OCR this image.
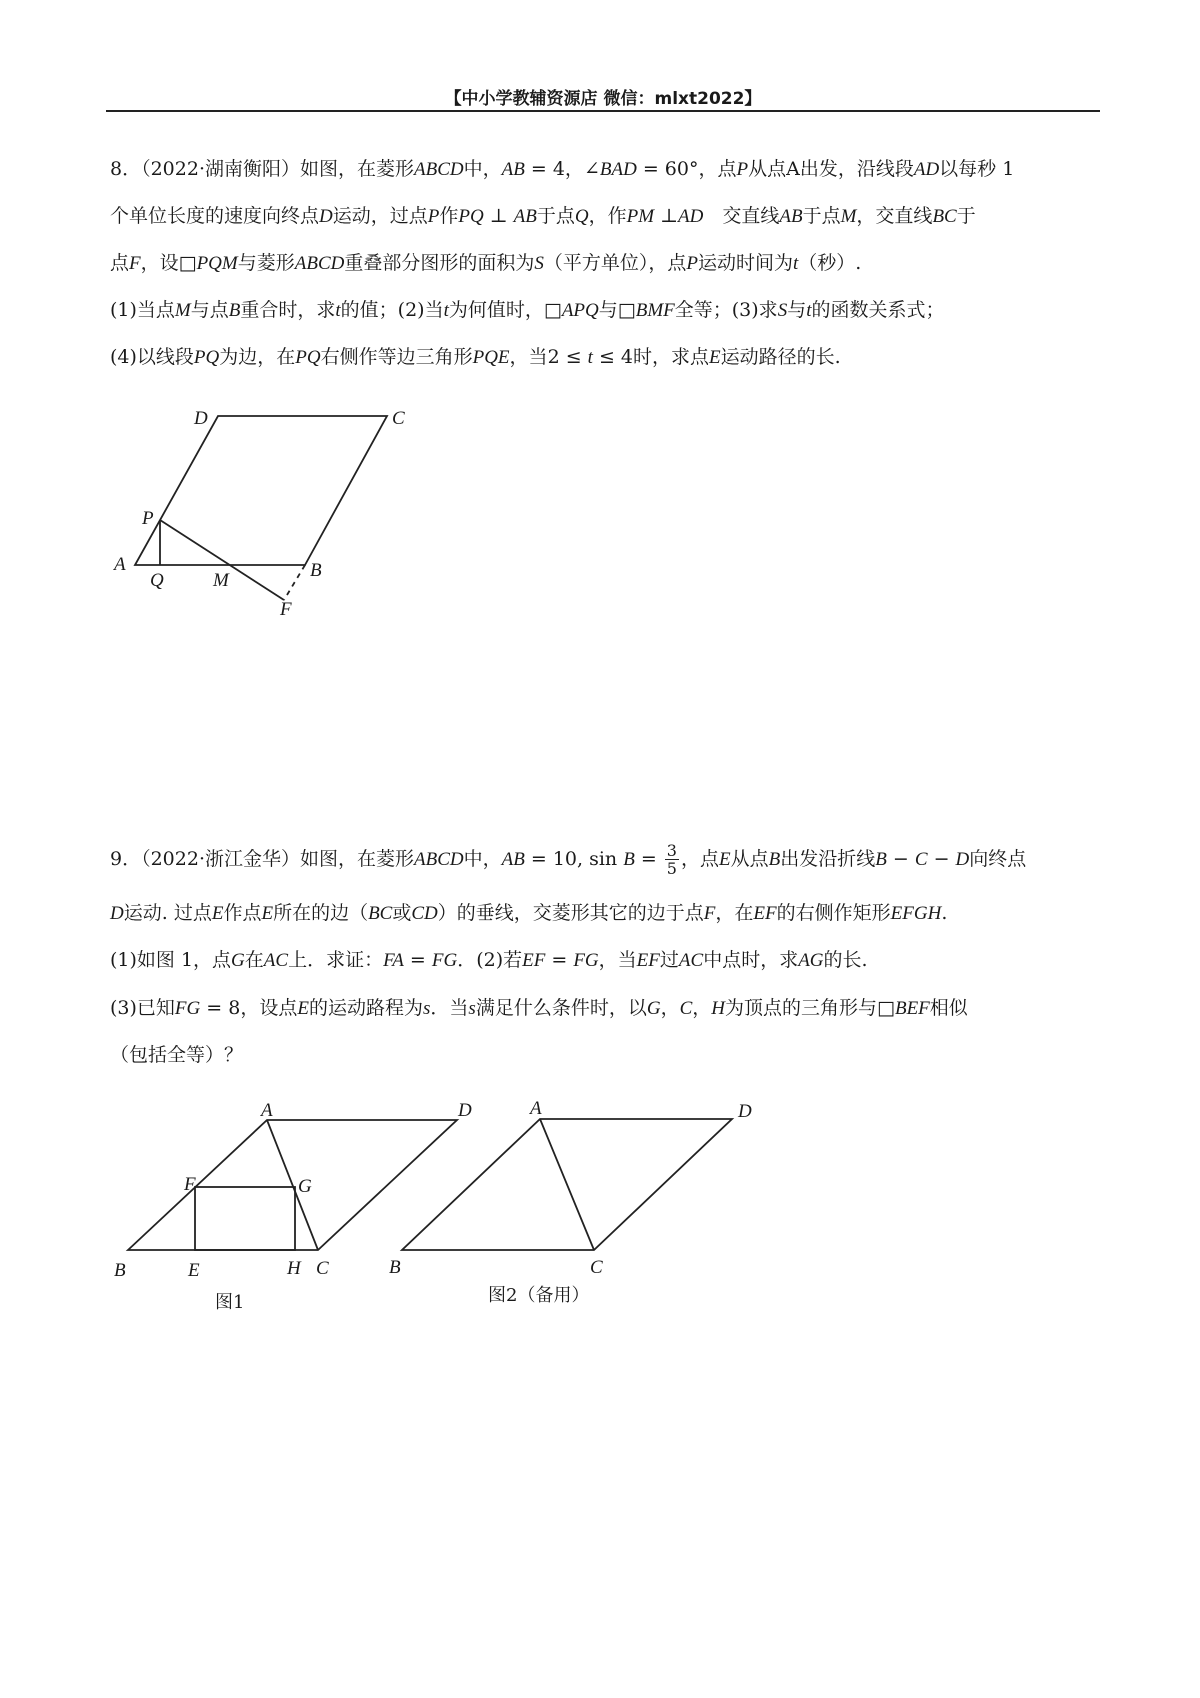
【中小学教辅资源店 微信：mlxt2022】
8．（2022·湖南衡阳）如图，在菱形ABCD中，AB = 4，∠BAD = 60°，点P从点A出发，沿线段AD以每秒 1
个单位长度的速度向终点D运动，过点P作PQ ⊥ AB于点Q，作PM ⊥AD　交直线AB于点M，交直线BC于
点F，设□PQM与菱形ABCD重叠部分图形的面积为S（平方单位），点P运动时间为t（秒）.
(1)当点M与点B重合时，求t的值；(2)当t为何值时，□APQ与□BMF全等；(3)求S与t的函数关系式；
(4)以线段PQ为边，在PQ右侧作等边三角形PQE，当2 ≤ t ≤ 4时，求点E运动路径的长.
D	C
P
A
Q	M	B
F
9．（2022·浙江金华）如图，在菱形ABCD中，AB = 10, $\sin B = \frac{3}{5}$ ，点E从点B出发沿折线B − C − D向终点
D运动. 过点E作点E所在的边（BC或CD）的垂线，交菱形其它的边于点F，在EF的右侧作矩形EFGH.
(1)如图 1，点G在AC上．求证：FA = FG．(2)若EF = FG，当EF过AC中点时，求AG的长.
(3)已知FG = 8，设点E的运动路程为s．当s满足什么条件时，以G，C，H为顶点的三角形与□BEF相似
（包括全等）？
A	D
F	G
B	E	H C
图1
A	D
B	C
图2（备用）
